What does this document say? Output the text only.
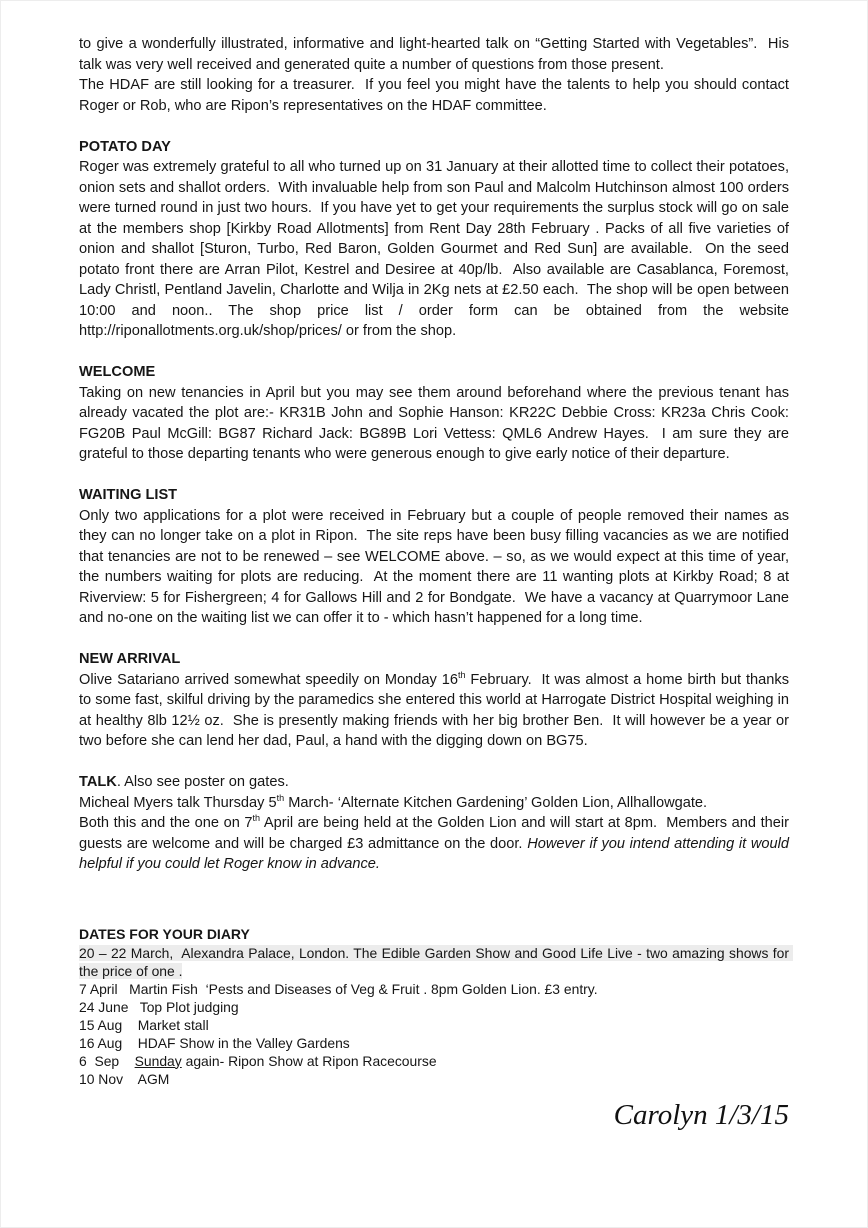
to give a wonderfully illustrated, informative and light-hearted talk on “Getting Started with Vegetables”.  His talk was very well received and generated quite a number of questions from those present.

The HDAF are still looking for a treasurer.  If you feel you might have the talents to help you should contact Roger or Rob, who are Ripon’s representatives on the HDAF committee.

POTATO DAY

Roger was extremely grateful to all who turned up on 31 January at their allotted time to collect their potatoes, onion sets and shallot orders.  With invaluable help from son Paul and Malcolm Hutchinson almost 100 orders were turned round in just two hours.  If you have yet to get your requirements the surplus stock will go on sale at the members shop [Kirkby Road Allotments] from Rent Day 28th February . Packs of all five varieties of onion and shallot [Sturon, Turbo, Red Baron, Golden Gourmet and Red Sun] are available.  On the seed potato front there are Arran Pilot, Kestrel and Desiree at 40p/lb.  Also available are Casablanca, Foremost, Lady Christl, Pentland Javelin, Charlotte and Wilja in 2Kg nets at £2.50 each.  The shop will be open between 10:00 and noon.. The shop price list / order form can be obtained from the website http://riponallotments.org.uk/shop/prices/ or from the shop.

WELCOME

Taking on new tenancies in April but you may see them around beforehand where the previous tenant has already vacated the plot are:- KR31B John and Sophie Hanson: KR22C Debbie Cross: KR23a Chris Cook: FG20B Paul McGill: BG87 Richard Jack: BG89B Lori Vettess: QML6 Andrew Hayes.  I am sure they are grateful to those departing tenants who were generous enough to give early notice of their departure.

WAITING LIST

Only two applications for a plot were received in February but a couple of people removed their names as they can no longer take on a plot in Ripon.  The site reps have been busy filling vacancies as we are notified that tenancies are not to be renewed – see WELCOME above. – so, as we would expect at this time of year, the numbers waiting for plots are reducing.  At the moment there are 11 wanting plots at Kirkby Road; 8 at Riverview: 5 for Fishergreen; 4 for Gallows Hill and 2 for Bondgate.  We have a vacancy at Quarrymoor Lane and no-one on the waiting list we can offer it to - which hasn’t happened for a long time.

NEW ARRIVAL

Olive Satariano arrived somewhat speedily on Monday 16th February.  It was almost a home birth but thanks to some fast, skilful driving by the paramedics she entered this world at Harrogate District Hospital weighing in at healthy 8lb 12½ oz.  She is presently making friends with her big brother Ben.  It will however be a year or two before she can lend her dad, Paul, a hand with the digging down on BG75.

TALK. Also see poster on gates.

Micheal Myers talk Thursday 5th March- ‘Alternate Kitchen Gardening’ Golden Lion, Allhallowgate.

Both this and the one on 7th April are being held at the Golden Lion and will start at 8pm.  Members and their guests are welcome and will be charged £3 admittance on the door. However if you intend attending it would helpful if you could let Roger know in advance.

DATES FOR YOUR DIARY

20 – 22 March,  Alexandra Palace, London. The Edible Garden Show and Good Life Live - two amazing shows for the price of one .

7 April   Martin Fish  ‘Pests and Diseases of Veg & Fruit . 8pm Golden Lion. £3 entry.

24 June   Top Plot judging

15 Aug    Market stall

16 Aug    HDAF Show in the Valley Gardens

6  Sep    Sunday again- Ripon Show at Ripon Racecourse

10 Nov    AGM

Carolyn 1/3/15
